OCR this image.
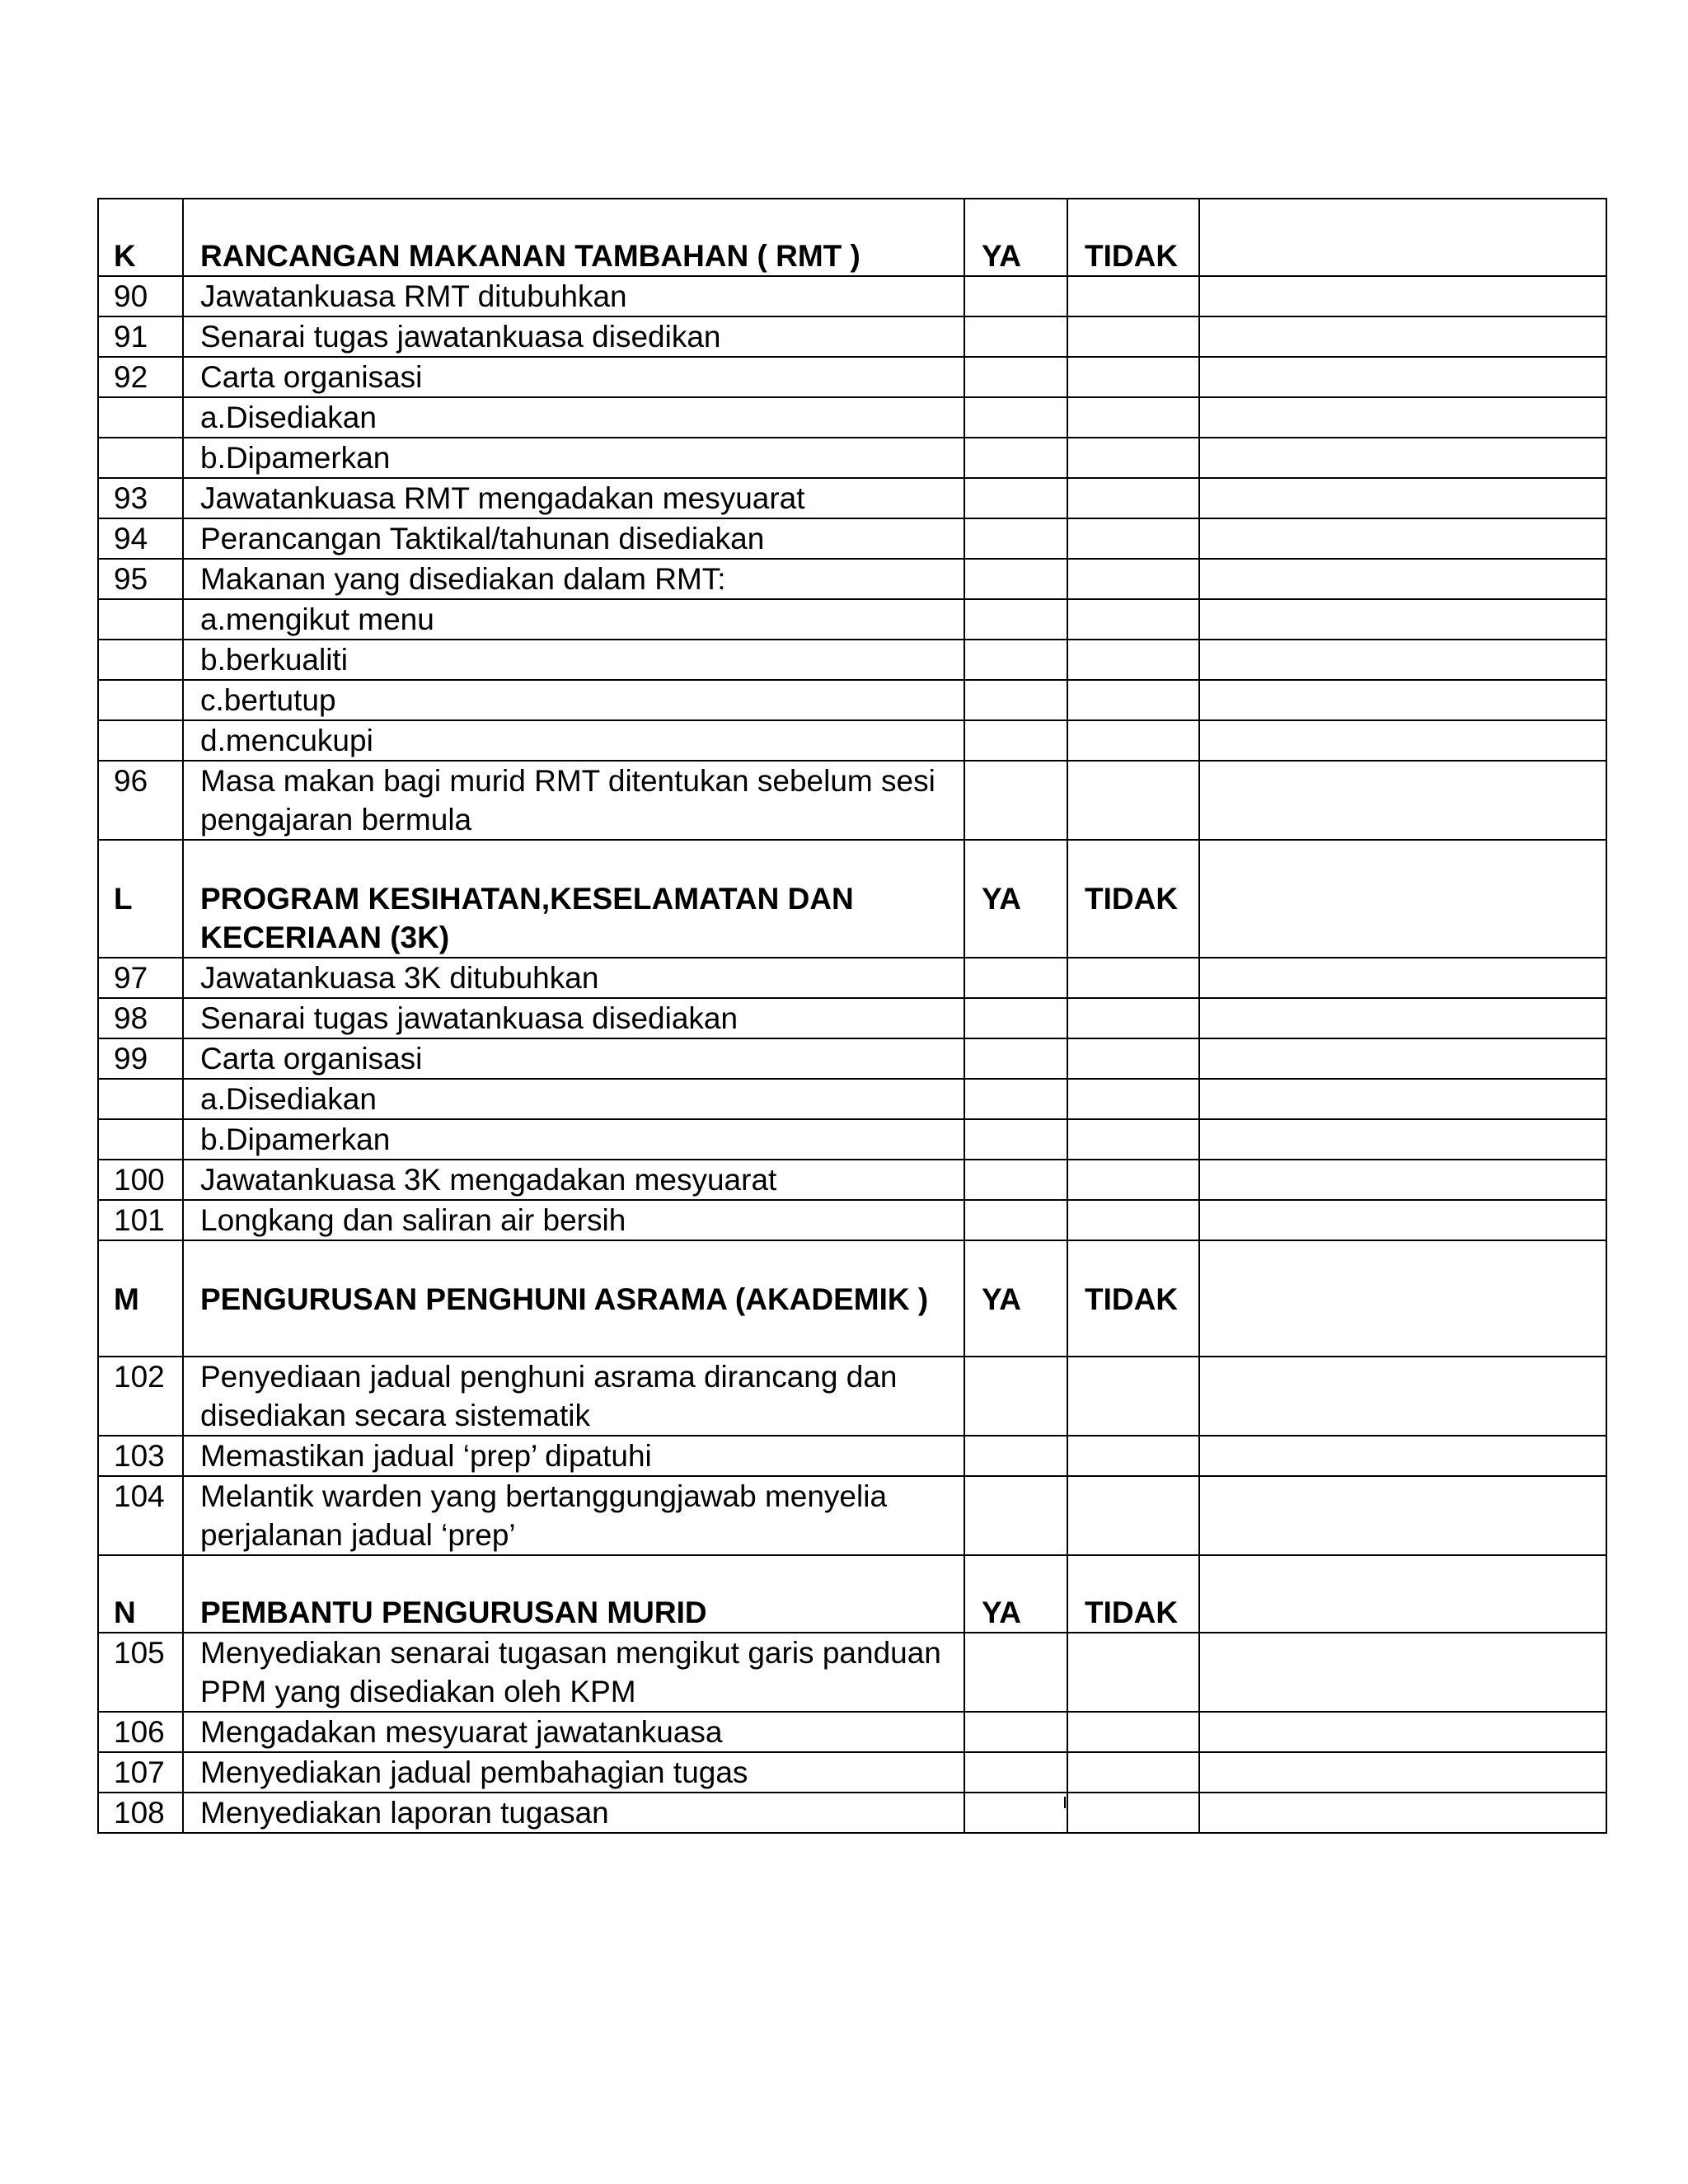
K	RANCANGAN MAKANAN TAMBAHAN ( RMT )	YA	TIDAK	
90	Jawatankuasa RMT ditubuhkan			
91	Senarai tugas jawatankuasa disedikan			
92	Carta organisasi			
	a.Disediakan			
	b.Dipamerkan			
93	Jawatankuasa RMT mengadakan mesyuarat			
94	Perancangan Taktikal/tahunan disediakan			
95	Makanan yang disediakan dalam RMT:			
	a.mengikut menu			
	b.berkualiti			
	c.bertutup			
	d.mencukupi			
96	Masa makan bagi murid RMT ditentukan sebelum sesi pengajaran bermula			
L	PROGRAM KESIHATAN,KESELAMATAN DAN KECERIAAN (3K)	YA	TIDAK	
97	Jawatankuasa 3K ditubuhkan			
98	Senarai tugas jawatankuasa disediakan			
99	Carta organisasi			
	a.Disediakan			
	b.Dipamerkan			
100	Jawatankuasa 3K mengadakan mesyuarat			
101	Longkang dan saliran air bersih			
M	PENGURUSAN PENGHUNI ASRAMA (AKADEMIK )	YA	TIDAK	
102	Penyediaan jadual penghuni asrama dirancang dan disediakan secara sistematik			
103	Memastikan jadual ‘prep’ dipatuhi			
104	Melantik warden yang bertanggungjawab menyelia perjalanan jadual ‘prep’			
N	PEMBANTU PENGURUSAN MURID	YA	TIDAK	
105	Menyediakan senarai tugasan mengikut garis panduan PPM yang disediakan oleh KPM			
106	Mengadakan mesyuarat jawatankuasa			
107	Menyediakan jadual pembahagian tugas			
108	Menyediakan laporan tugasan			
